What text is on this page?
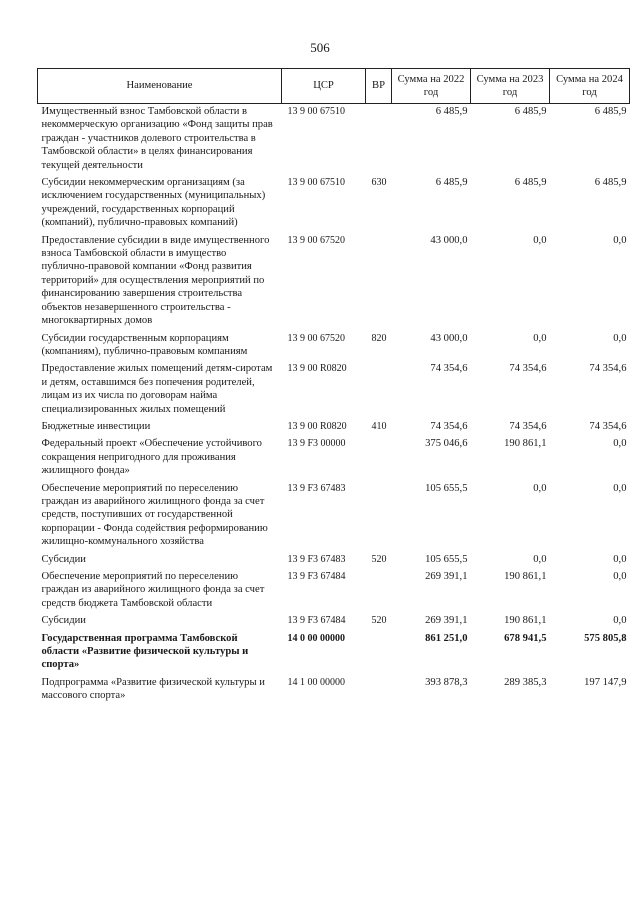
506
Наименование	ЦСР	ВР	Сумма на 2022 год	Сумма на 2023 год	Сумма на 2024 год
Имущественный взнос Тамбовской области в некоммерческую организацию «Фонд защиты прав граждан - участников долевого строительства в Тамбовской области» в целях финансирования текущей деятельности	13 9 00 67510		6 485,9	6 485,9	6 485,9
Субсидии некоммерческим организациям (за исключением государственных (муниципальных) учреждений, государственных корпораций (компаний), публично-правовых компаний)	13 9 00 67510	630	6 485,9	6 485,9	6 485,9
Предоставление субсидии в виде имущественного взноса Тамбовской области в имущество публично-правовой компании «Фонд развития территорий» для осуществления мероприятий по финансированию завершения строительства объектов незавершенного строительства - многоквартирных домов	13 9 00 67520		43 000,0	0,0	0,0
Субсидии государственным корпорациям (компаниям), публично-правовым компаниям	13 9 00 67520	820	43 000,0	0,0	0,0
Предоставление жилых помещений детям-сиротам и детям, оставшимся без попечения родителей, лицам из их числа по договорам найма специализированных жилых помещений	13 9 00 R0820		74 354,6	74 354,6	74 354,6
Бюджетные инвестиции	13 9 00 R0820	410	74 354,6	74 354,6	74 354,6
Федеральный проект «Обеспечение устойчивого сокращения непригодного для проживания жилищного фонда»	13 9 F3 00000		375 046,6	190 861,1	0,0
Обеспечение мероприятий по переселению граждан из аварийного жилищного фонда за счет средств, поступивших от государственной корпорации - Фонда содействия реформированию жилищно-коммунального хозяйства	13 9 F3 67483		105 655,5	0,0	0,0
Субсидии	13 9 F3 67483	520	105 655,5	0,0	0,0
Обеспечение мероприятий по переселению граждан из аварийного жилищного фонда за счет средств бюджета Тамбовской области	13 9 F3 67484		269 391,1	190 861,1	0,0
Субсидии	13 9 F3 67484	520	269 391,1	190 861,1	0,0
Государственная программа Тамбовской области «Развитие физической культуры и спорта»	14 0 00 00000		861 251,0	678 941,5	575 805,8
Подпрограмма «Развитие физической культуры и массового спорта»	14 1 00 00000		393 878,3	289 385,3	197 147,9
